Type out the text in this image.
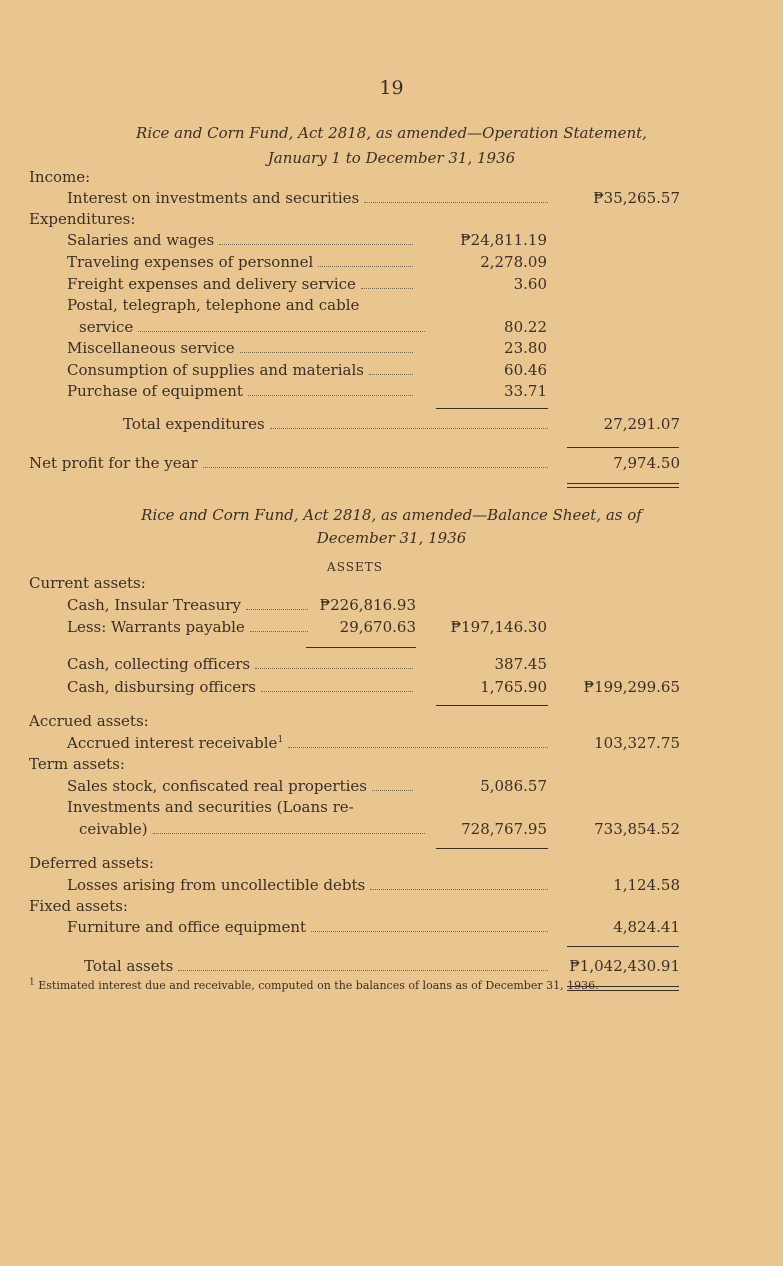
19
Rice and Corn Fund, Act 2818, as amended—Operation Statement,
January 1 to December 31, 1936
Income:
Interest on investments and securities	₱35,265.57
Expenditures:
Salaries and wages	₱24,811.19
Traveling expenses of personnel	2,278.09
Freight expenses and delivery service	3.60
Postal, telegraph, telephone and cable
service	80.22
Miscellaneous service	23.80
Consumption of supplies and materials	60.46
Purchase of equipment	33.71
Total expenditures	27,291.07
Net profit for the year	7,974.50
Rice and Corn Fund, Act 2818, as amended—Balance Sheet, as of
December 31, 1936
ASSETS
Current assets:
Cash, Insular Treasury	₱226,816.93
Less: Warrants payable	29,670.63 ₱197,146.30
Cash, collecting officers	387.45
Cash, disbursing officers	1,765.90 ₱199,299.65
Accrued assets:
Accrued interest receivable$^1$	103,327.75
Term assets:
Sales stock, confiscated real properties	5,086.57
Investments and securities (Loans re-
ceivable)	728,767.95	733,854.52
Deferred assets:
Losses arising from uncollectible debts	1,124.58
Fixed assets:
Furniture and office equipment	4,824.41
Total assets	₱1,042,430.91
$^1$ Estimated interest due and receivable, computed on the balances of loans as of December 31, 1936.
